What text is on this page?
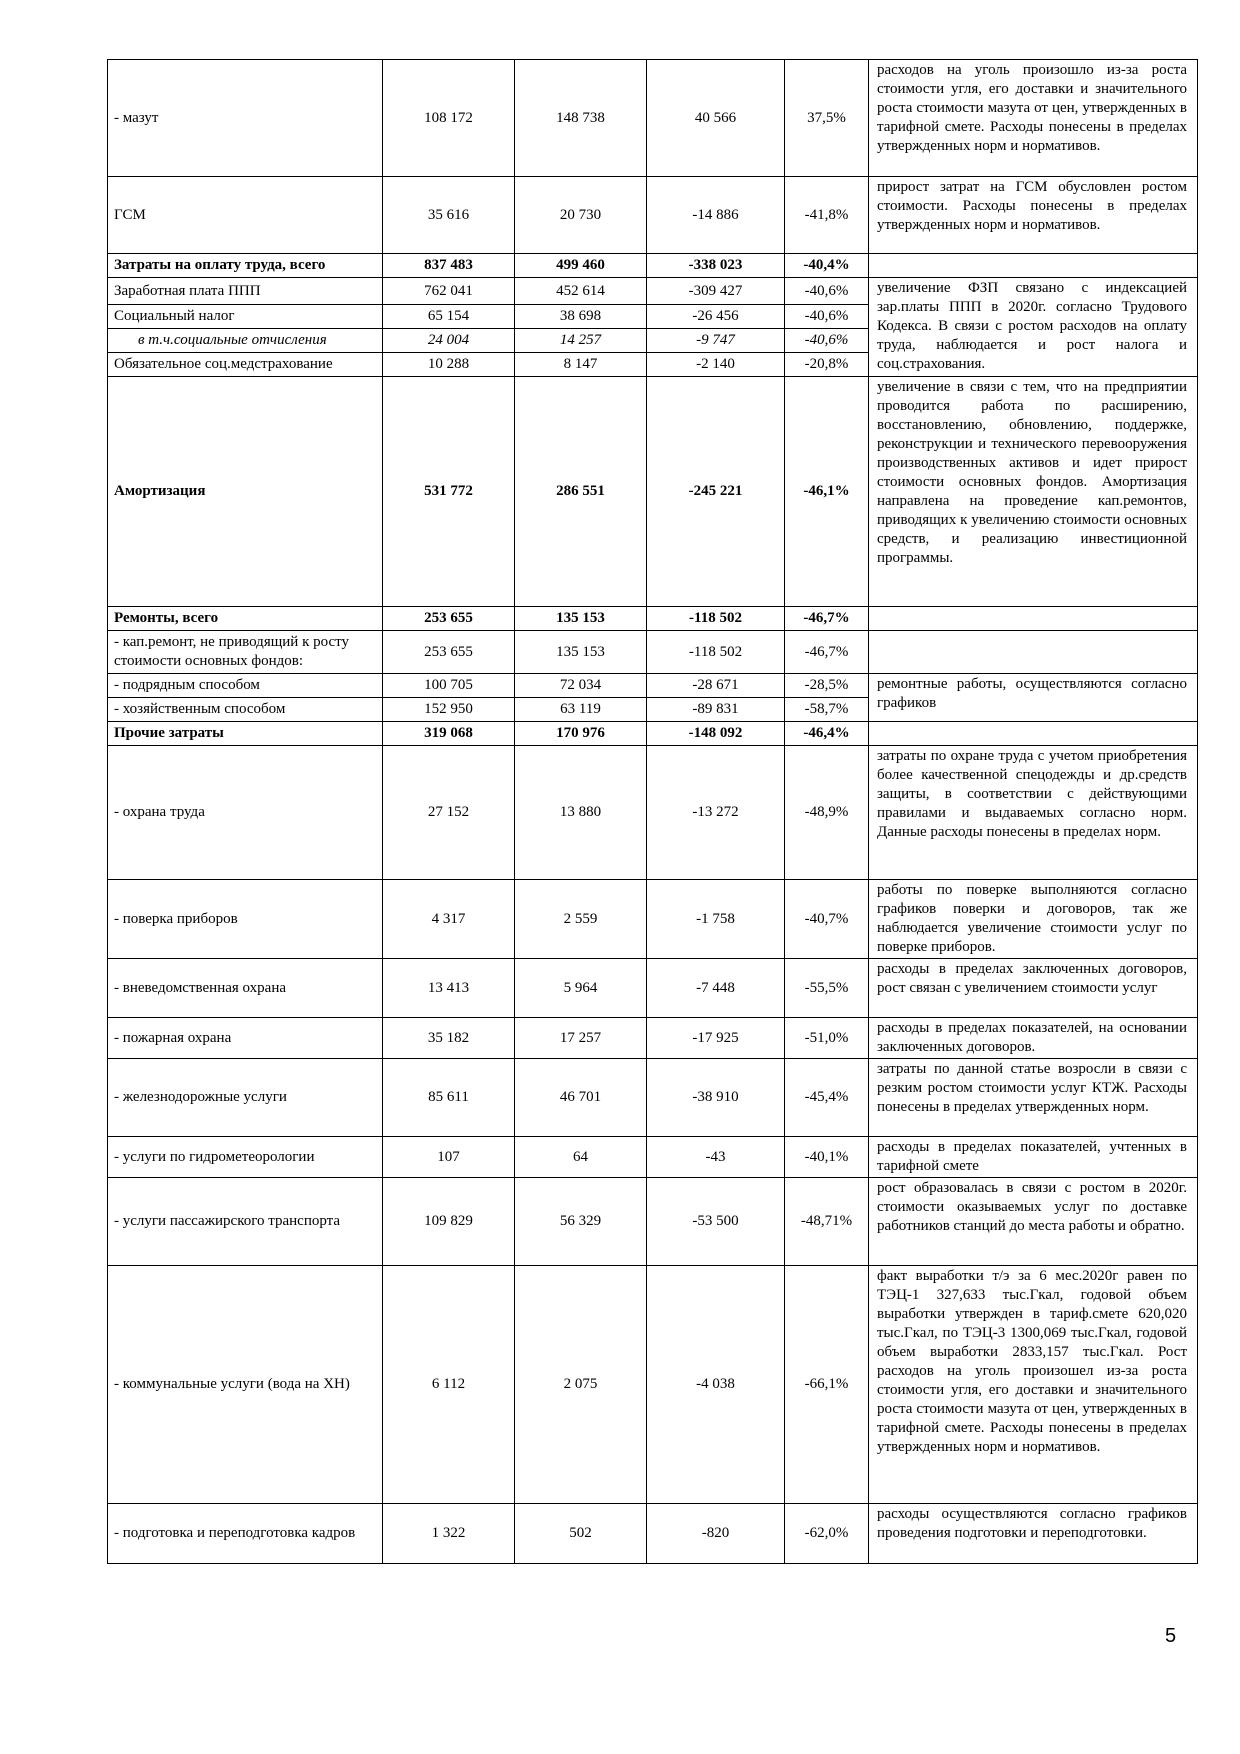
- мазут	108 172	148 738	40 566	37,5%	расходов на уголь произошло из-за роста стоимости угля, его доставки и значительного роста стоимости мазута от цен, утвержденных в тарифной смете. Расходы понесены в пределах утвержденных норм и нормативов.
ГСМ	35 616	20 730	-14 886	-41,8%	прирост затрат на ГСМ обусловлен ростом стоимости. Расходы понесены в пределах утвержденных норм и нормативов.
Затраты на оплату труда, всего	837 483	499 460	-338 023	-40,4%	
Заработная плата ППП	762 041	452 614	-309 427	-40,6%	увеличение ФЗП связано с индексацией зар.платы ППП в 2020г. согласно Трудового Кодекса. В связи с ростом расходов на оплату труда, наблюдается и рост налога и соц.страхования.
Социальный налог	65 154	38 698	-26 456	-40,6%	
в т.ч.социальные отчисления	24 004	14 257	-9 747	-40,6%	
Обязательное соц.медстрахование	10 288	8 147	-2 140	-20,8%	
Амортизация	531 772	286 551	-245 221	-46,1%	увеличение в связи с тем, что на предприятии проводится работа по расширению, восстановлению, обновлению, поддержке, реконструкции и технического перевооружения производственных активов и идет прирост стоимости основных фондов. Амортизация направлена на проведение кап.ремонтов, приводящих к увеличению стоимости основных средств, и реализацию инвестиционной программы.
Ремонты, всего	253 655	135 153	-118 502	-46,7%	
- кап.ремонт, не приводящий к росту стоимости основных фондов:	253 655	135 153	-118 502	-46,7%	
- подрядным способом	100 705	72 034	-28 671	-28,5%	ремонтные работы, осуществляются согласно графиков
- хозяйственным способом	152 950	63 119	-89 831	-58,7%	
Прочие затраты	319 068	170 976	-148 092	-46,4%	
- охрана труда	27 152	13 880	-13 272	-48,9%	затраты по охране труда с учетом приобретения более качественной спецодежды и др.средств защиты, в соответствии с действующими правилами и выдаваемых согласно норм. Данные расходы понесены в пределах норм.
- поверка приборов	4 317	2 559	-1 758	-40,7%	работы по поверке выполняются согласно графиков поверки и договоров, так же наблюдается увеличение стоимости услуг по поверке приборов.
- вневедомственная охрана	13 413	5 964	-7 448	-55,5%	расходы в пределах заключенных договоров, рост связан с увеличением стоимости услуг
- пожарная охрана	35 182	17 257	-17 925	-51,0%	расходы в пределах показателей, на основании заключенных договоров.
- железнодорожные услуги	85 611	46 701	-38 910	-45,4%	затраты по данной статье возросли в связи с резким ростом стоимости услуг КТЖ. Расходы понесены в пределах утвержденных норм.
- услуги по гидрометеорологии	107	64	-43	-40,1%	расходы в пределах показателей, учтенных в тарифной смете
- услуги пассажирского транспорта	109 829	56 329	-53 500	-48,71%	рост образовалась в связи с ростом в 2020г. стоимости оказываемых услуг по доставке работников станций до места работы и обратно.
- коммунальные услуги (вода на ХН)	6 112	2 075	-4 038	-66,1%	факт выработки т/э за 6 мес.2020г равен по ТЭЦ-1 327,633 тыс.Гкал, годовой объем выработки утвержден в тариф.смете 620,020 тыс.Гкал, по ТЭЦ-3 1300,069 тыс.Гкал, годовой объем выработки 2833,157 тыс.Гкал. Рост расходов на уголь произошел из-за роста стоимости угля, его доставки и значительного роста стоимости мазута от цен, утвержденных в тарифной смете. Расходы понесены в пределах утвержденных норм и нормативов.
- подготовка и переподготовка кадров	1 322	502	-820	-62,0%	расходы осуществляются согласно графиков проведения подготовки и переподготовки.
5
